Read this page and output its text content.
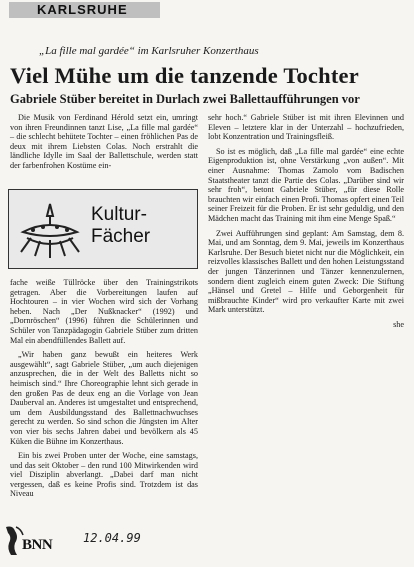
KARLSRUHE
„La fille mal gardée“ im Karlsruher Konzerthaus
Viel Mühe um die tanzende Tochter
Gabriele Stüber bereitet in Durlach zwei Ballettaufführungen vor

Die Musik von Ferdinand Hérold setzt ein, umringt von ihren Freundinnen tanzt Lise, „La fille mal gardée“ – die schlecht behütete Tochter – einen fröhlichen Pas de deux mit ihrem Liebsten Colas. Noch erstrahlt die ländliche Idylle im Saal der Ballettschule, werden statt der farbenfrohen Kostüme ein-

Kultur-
Fächer

fache weiße Tüllröcke über den Trainingstrikots getragen. Aber die Vorbereitungen laufen auf Hochtouren – in vier Wochen wird sich der Vorhang heben. Nach „Der Nußknacker“ (1992) und „Dornröschen“ (1996) führen die Schülerinnen und Schüler von Tanzpädagogin Gabriele Stüber zum dritten Mal ein abendfüllendes Ballett auf.

„Wir haben ganz bewußt ein heiteres Werk ausgewählt“, sagt Gabriele Stüber, „um auch diejenigen anzusprechen, die in der Welt des Balletts nicht so heimisch sind.“ Ihre Choreographie lehnt sich gerade in den großen Pas de deux eng an die Vorlage von Jean Dauberval an. Anderes ist umgestaltet und entsprechend, um dem Ausbildungsstand des Ballettnachwuchses gerecht zu werden. So sind schon die Jüngsten im Alter von vier bis sechs Jahren dabei und bevölkern als 45 Küken die Bühne im Konzerthaus.

Ein bis zwei Proben unter der Woche, eine samstags, und das seit Oktober – den rund 100 Mitwirkenden wird viel Disziplin abverlangt. „Dabei darf man nicht vergessen, daß es keine Profis sind. Trotzdem ist das Niveau

sehr hoch.“ Gabriele Stüber ist mit ihren Elevinnen und Eleven – letztere klar in der Unterzahl – hochzufrieden, lobt Konzentration und Trainingsfleiß.

So ist es möglich, daß „La fille mal gardée“ eine echte Eigenproduktion ist, ohne Verstärkung „von außen“. Mit einer Ausnahme: Thomas Zamolo vom Badischen Staatstheater tanzt die Partie des Colas. „Darüber sind wir sehr froh“, betont Gabriele Stüber, „für diese Rolle brauchten wir einfach einen Profi. Thomas opfert einen Teil seiner Freizeit für die Proben. Er ist sehr geduldig, und den Mädchen macht das Training mit ihm eine Menge Spaß.“

Zwei Aufführungen sind geplant: Am Samstag, dem 8. Mai, und am Sonntag, dem 9. Mai, jeweils im Konzerthaus Karlsruhe. Der Besuch bietet nicht nur die Möglichkeit, ein reizvolles klassisches Ballett und den hohen Leistungsstand der jungen Tänzerinnen und Tänzer kennenzulernen, sondern dient zugleich einem guten Zweck: Die Stiftung „Hänsel und Gretel – Hilfe und Geborgenheit für mißbrauchte Kinder“ wird pro verkaufter Karte mit zwei Mark unterstützt.

she
BNN	12.04.99
